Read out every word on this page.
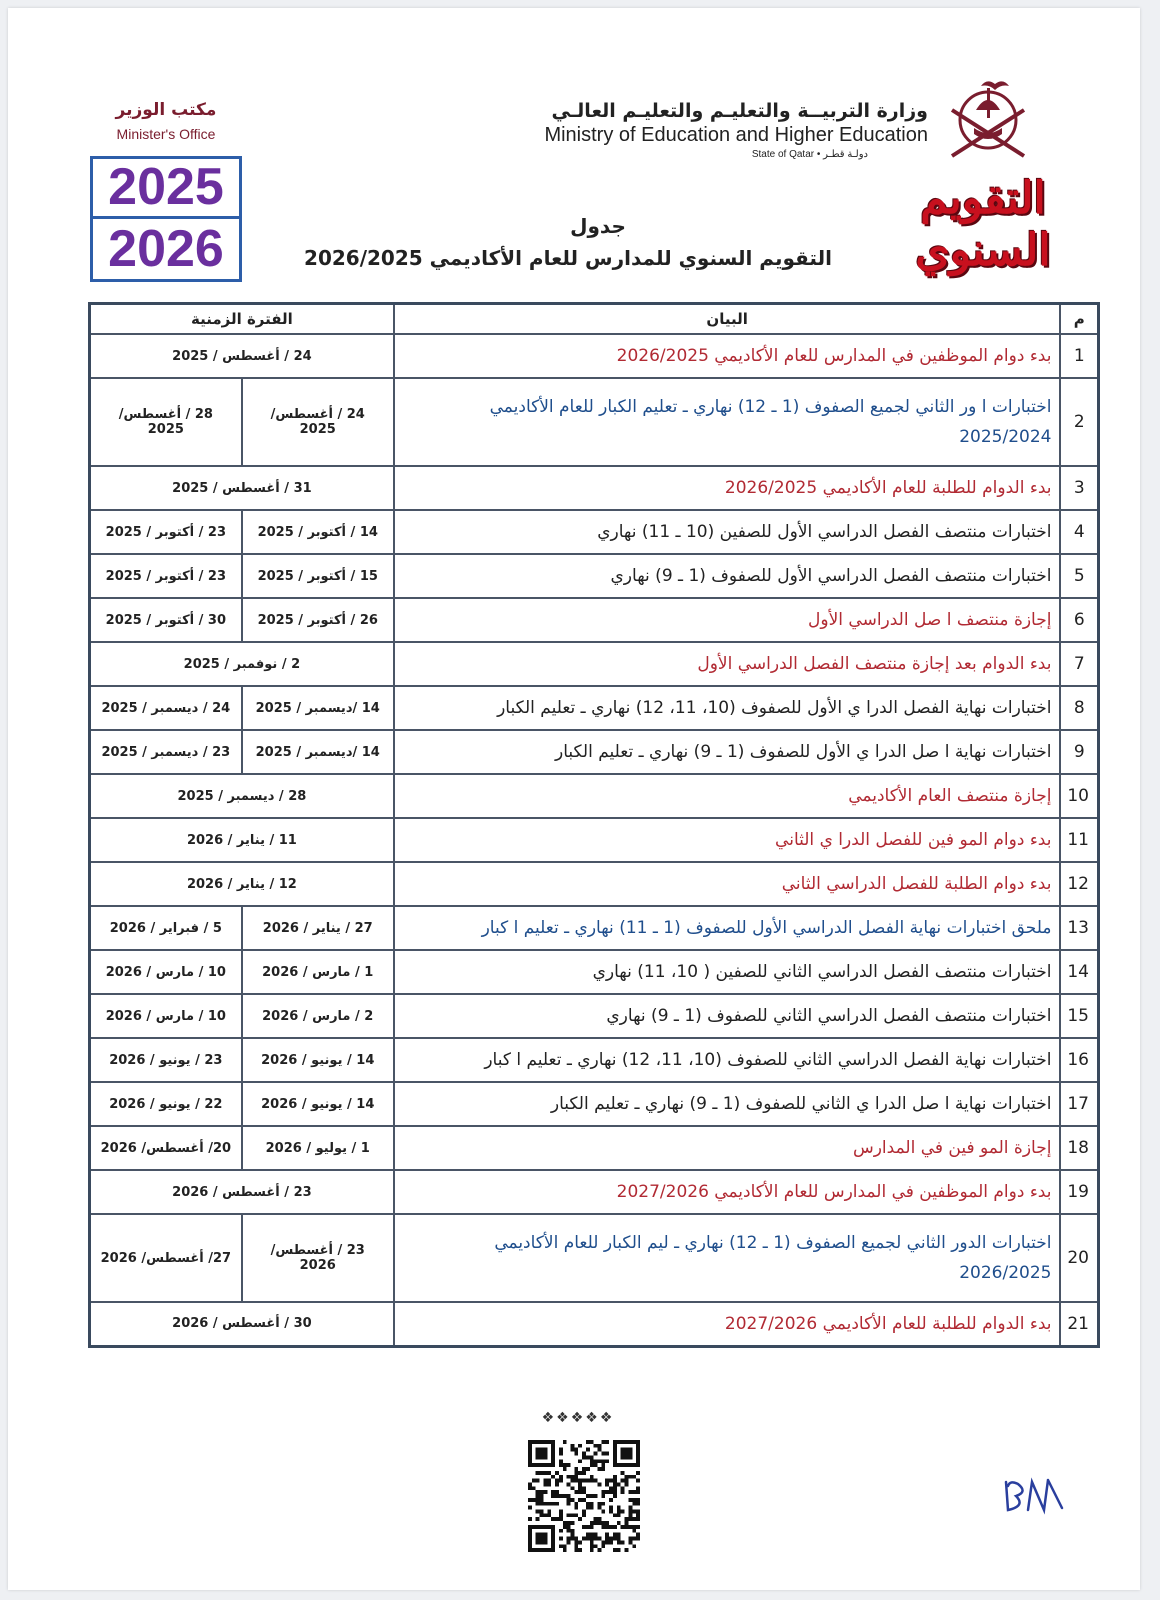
مكتب الوزير
Minister's Office
2025
2026
وزارة التربيــة والتعليـم والتعليـم العالـي
Ministry of Education and Higher Education
State of Qatar • دولـة قطـر
التقويم
السنوي
جدول
التقويم السنوي للمدارس للعام الأكاديمي 2026/2025
م	البيان	الفترة الزمنية	
1	بدء دوام الموظفين في المدارس للعام الأكاديمي 2026/2025	24 / أغسطس / 2025	
2	اختبارات ا ور الثاني لجميع الصفوف (1 ـ 12) نهاري ـ تعليم الكبار للعام الأكاديمي 2025/2024	24 / أغسطس/ 2025	28 / أغسطس/ 2025
3	بدء الدوام للطلبة للعام الأكاديمي 2026/2025	31 / أغسطس / 2025	
4	اختبارات منتصف الفصل الدراسي الأول للصفين (10 ـ 11) نهاري	14 / أكتوبر / 2025	23 / أكتوبر / 2025
5	اختبارات منتصف الفصل الدراسي الأول للصفوف (1 ـ 9) نهاري	15 / أكتوبر / 2025	23 / أكتوبر / 2025
6	إجازة منتصف ا صل الدراسي الأول	26 / أكتوبر / 2025	30 / أكتوبر / 2025
7	بدء الدوام بعد إجازة منتصف الفصل الدراسي الأول	2 / نوفمبر / 2025	
8	اختبارات نهاية الفصل الدرا ي الأول للصفوف (10، 11، 12) نهاري ـ تعليم الكبار	14 /ديسمبر / 2025	24 / ديسمبر / 2025
9	اختبارات نهاية ا صل الدرا ي الأول للصفوف (1 ـ 9) نهاري ـ تعليم الكبار	14 /ديسمبر / 2025	23 / ديسمبر / 2025
10	إجازة منتصف العام الأكاديمي	28 / ديسمبر / 2025	
11	بدء دوام المو فين للفصل الدرا ي الثاني	11 / يناير / 2026	
12	بدء دوام الطلبة للفصل الدراسي الثاني	12 / يناير / 2026	
13	ملحق اختبارات نهاية الفصل الدراسي الأول للصفوف (1 ـ 11) نهاري ـ تعليم ا كبار	27 / يناير / 2026	5 / فبراير / 2026
14	اختبارات منتصف الفصل الدراسي الثاني للصفين ( 10، 11) نهاري	1 / مارس / 2026	10 / مارس / 2026
15	اختبارات منتصف الفصل الدراسي الثاني للصفوف (1 ـ 9) نهاري	2 / مارس / 2026	10 / مارس / 2026
16	اختبارات نهاية الفصل الدراسي الثاني للصفوف (10، 11، 12) نهاري ـ تعليم ا كبار	14 / يونيو / 2026	23 / يونيو / 2026
17	اختبارات نهاية ا صل الدرا ي الثاني للصفوف (1 ـ 9) نهاري ـ تعليم الكبار	14 / يونيو / 2026	22 / يونيو / 2026
18	إجازة المو فين في المدارس	1 / يوليو / 2026	20/ أغسطس/ 2026
19	بدء دوام الموظفين في المدارس للعام الأكاديمي 2027/2026	23 / أغسطس / 2026	
20	اختبارات الدور الثاني لجميع الصفوف (1 ـ 12) نهاري ـ ليم الكبار للعام الأكاديمي 2026/2025	23 / أغسطس/ 2026	27/ أغسطس/ 2026
21	بدء الدوام للطلبة للعام الأكاديمي 2027/2026	30 / أغسطس / 2026	
❖❖❖❖❖
